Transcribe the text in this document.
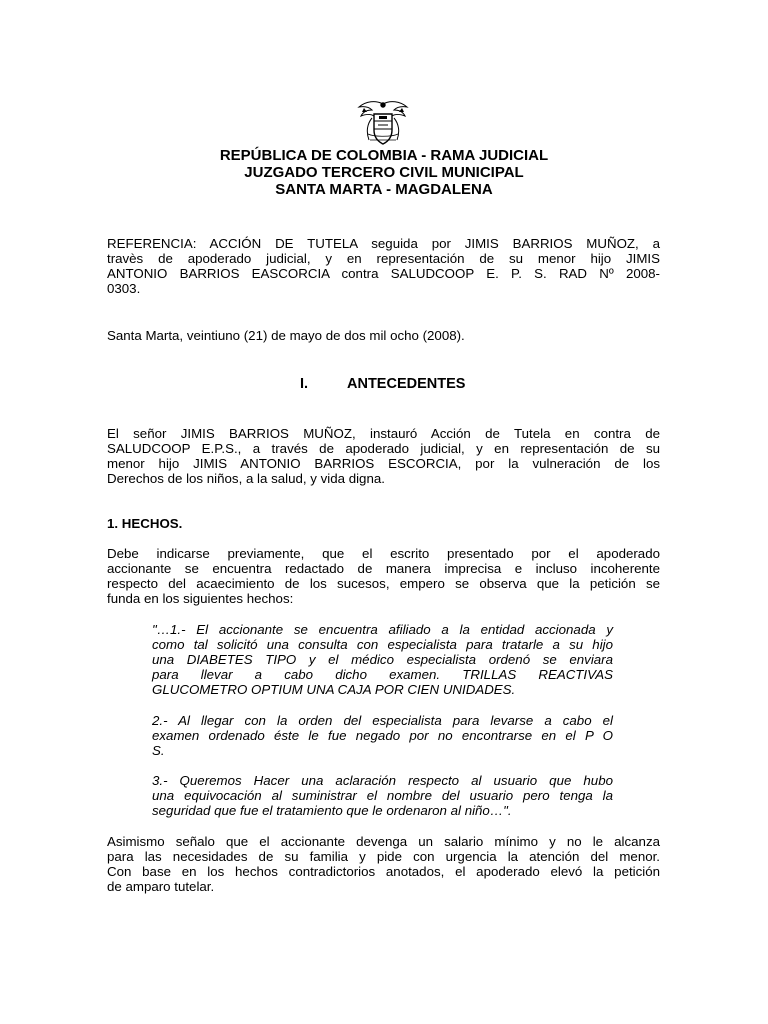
REPÚBLICA DE COLOMBIA - RAMA JUDICIAL
JUZGADO TERCERO CIVIL MUNICIPAL
SANTA MARTA - MAGDALENA
REFERENCIA: ACCIÓN DE TUTELA seguida por JIMIS BARRIOS MUÑOZ, a
travès de apoderado judicial, y en representación de su menor hijo JIMIS
ANTONIO BARRIOS EASCORCIA contra SALUDCOOP E. P. S. RAD Nº 2008-
0303.
Santa Marta, veintiuno (21) de mayo de dos mil ocho (2008).
I.	ANTECEDENTES
El señor JIMIS BARRIOS MUÑOZ, instauró Acción de Tutela en contra de
SALUDCOOP E.P.S., a través de apoderado judicial, y en representación de su
menor hijo JIMIS ANTONIO BARRIOS ESCORCIA, por la vulneración de los
Derechos de los niños, a la salud, y vida digna.
1. HECHOS.
Debe indicarse previamente, que el escrito presentado por el apoderado
accionante se encuentra redactado de manera imprecisa e incluso incoherente
respecto del acaecimiento de los sucesos, empero se observa que la petición se
funda en los siguientes hechos:
"…1.- El accionante se encuentra afiliado a la entidad accionada y
como tal solicitó una consulta con especialista para tratarle a su hijo
una DIABETES TIPO y el médico especialista ordenó se enviara
para llevar a cabo dicho examen. TRILLAS REACTIVAS
GLUCOMETRO OPTIUM UNA CAJA POR CIEN UNIDADES.
2.- Al llegar con la orden del especialista para levarse a cabo el
examen ordenado éste le fue negado por no encontrarse en el P O
S.
3.- Queremos Hacer una aclaración respecto al usuario que hubo
una equivocación al suministrar el nombre del usuario pero tenga la
seguridad que fue el tratamiento que le ordenaron al niño…".
Asimismo señalo que el accionante devenga un salario mínimo y no le alcanza
para las necesidades de su familia y pide con urgencia la atención del menor.
Con base en los hechos contradictorios anotados, el apoderado elevó la petición
de amparo tutelar.
